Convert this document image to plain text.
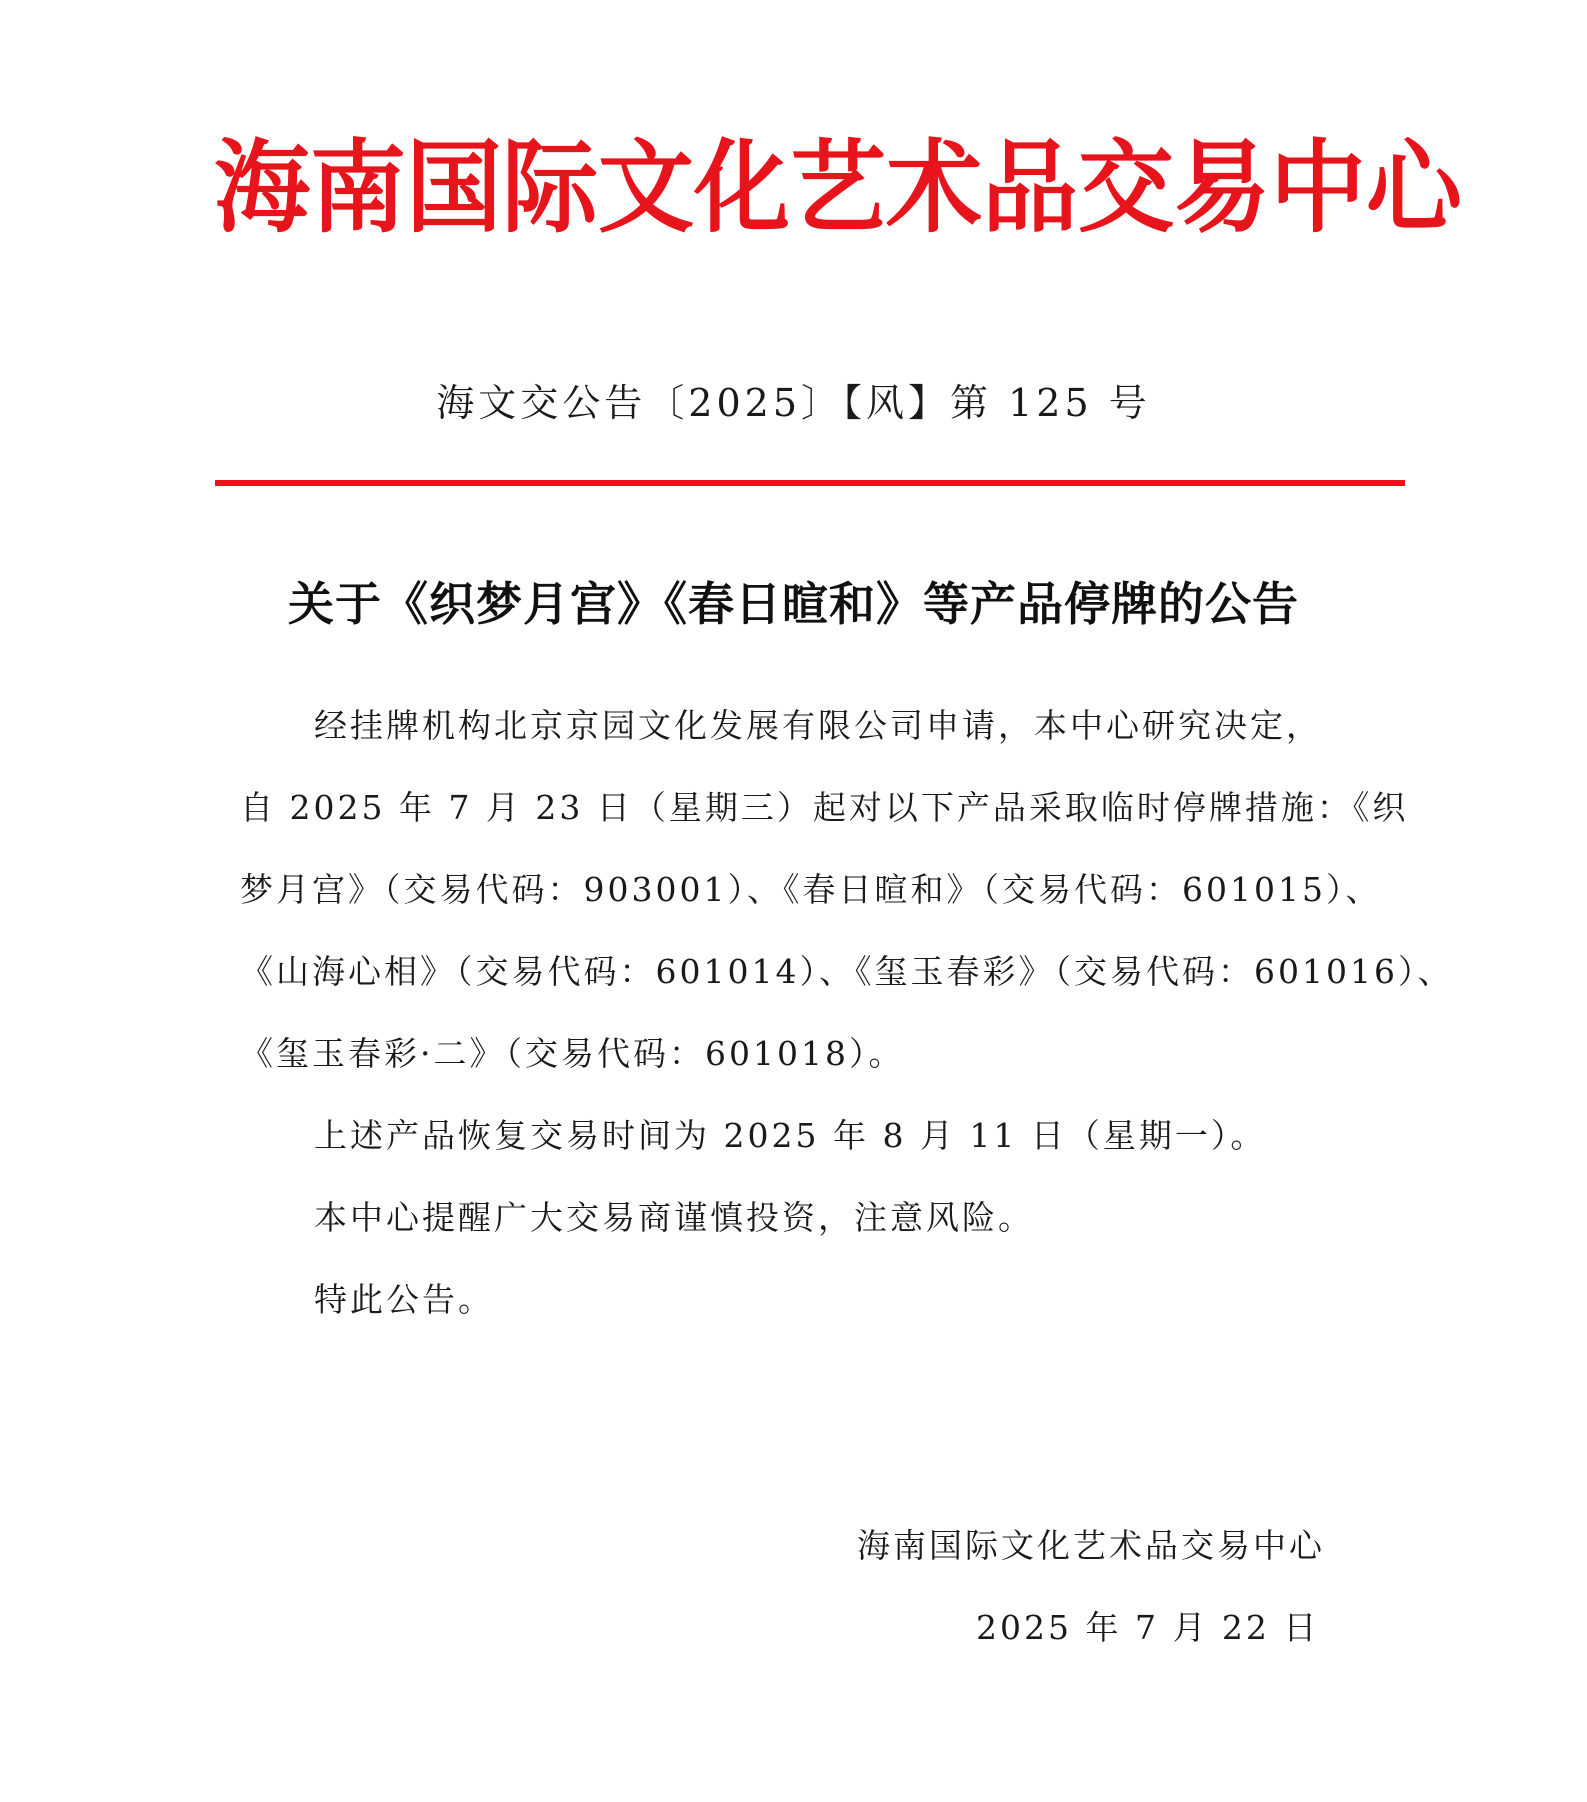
海 南 国 际 文 化 艺 术 品 交 易 中 心
海文交公告〔2025〕【风】第 125 号
关于《织梦月宫》《春日暄和》等产品停牌的公告
经挂牌机构北京京园文化发展有限公司申请，本中心研究决定，
自 2025 年 7 月 23 日（星期三）起对以下产品采取临时停牌措施：《织
梦月宫》（交易代码：903001）、《春日暄和》（交易代码：601015）、
《山海心相》（交易代码：601014）、《玺玉春彩》（交易代码：601016）、
《玺玉春彩·二》（交易代码：601018）。
上述产品恢复交易时间为 2025 年 8 月 11 日（星期一）。
本中心提醒广大交易商谨慎投资，注意风险。
特此公告。
海南国际文化艺术品交易中心
2025 年 7 月 22 日
